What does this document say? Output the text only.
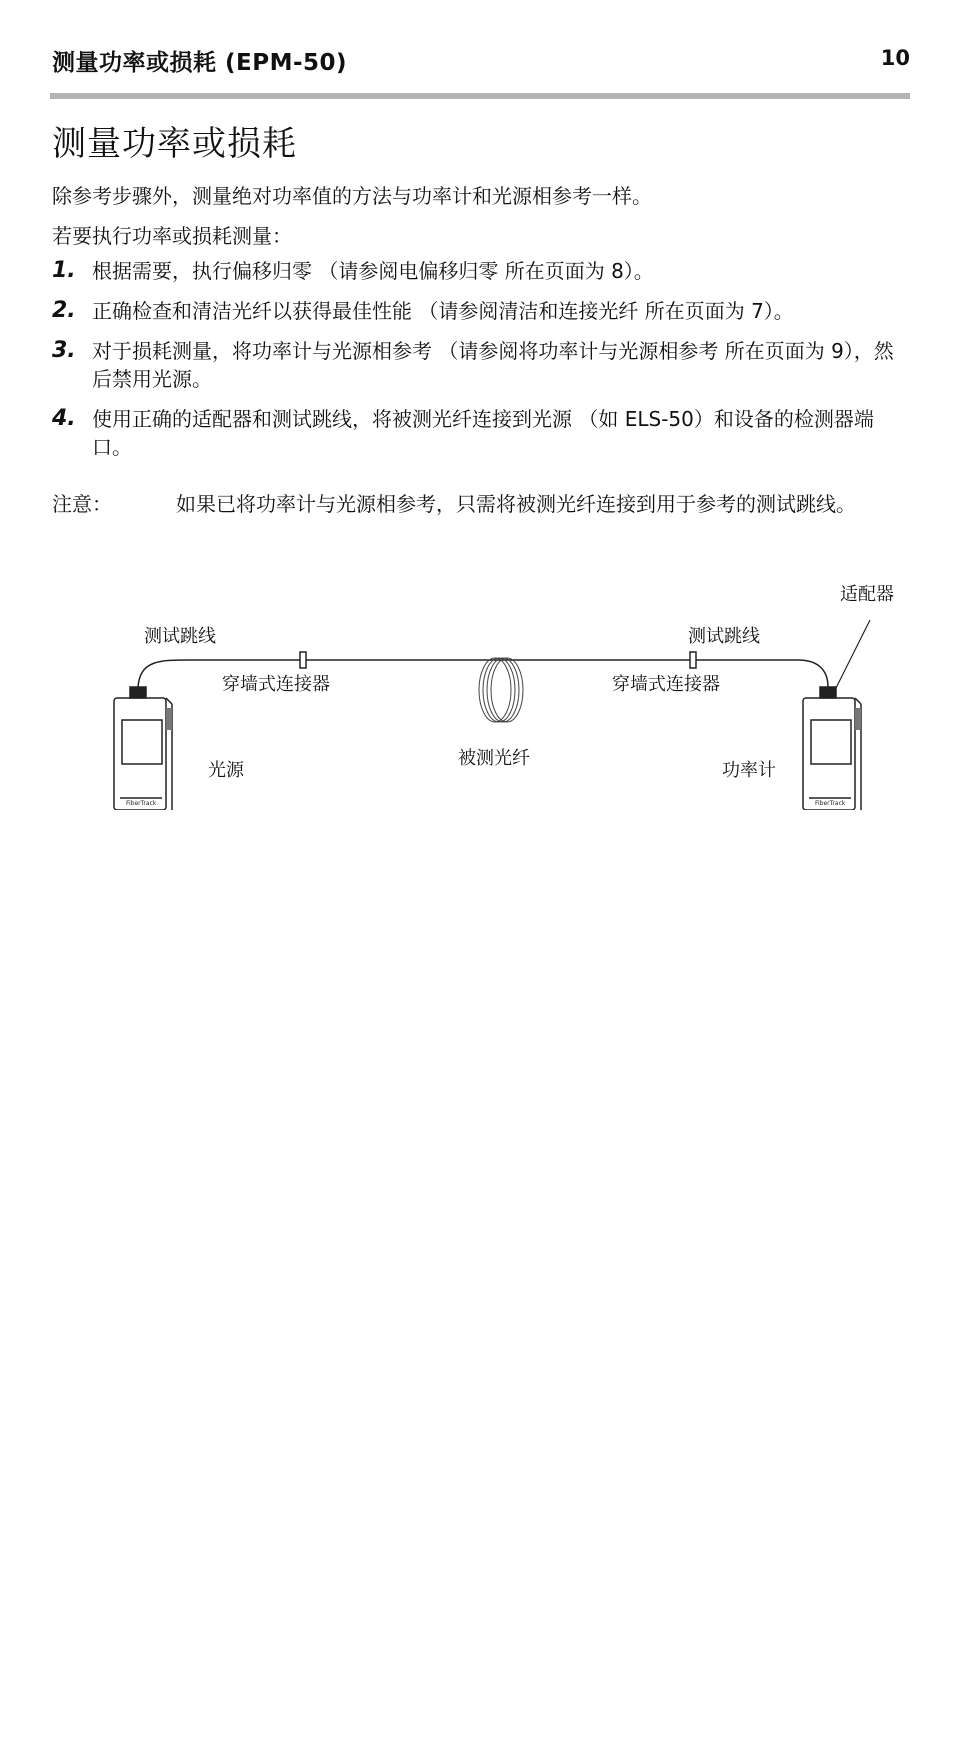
测量功率或损耗 (EPM-50)	10
测量功率或损耗
除参考步骤外，测量绝对功率值的方法与功率计和光源相参考一样。
若要执行功率或损耗测量：
1. 根据需要，执行偏移归零 （请参阅电偏移归零 所在页面为 8）。
2. 正确检查和清洁光纤以获得最佳性能 （请参阅清洁和连接光纤 所在页面为 7）。
3. 对于损耗测量，将功率计与光源相参考 （请参阅将功率计与光源相参考 所在页面为 9），然后禁用光源。
4. 使用正确的适配器和测试跳线，将被测光纤连接到光源 （如 ELS-50）和设备的检测器端口。
注意：	如果已将功率计与光源相参考，只需将被测光纤连接到用于参考的测试跳线。
FiberTrack	FiberTrack
适配器
测试跳线	测试跳线
穿墙式连接器	穿墙式连接器
被测光纤
光源	功率计
